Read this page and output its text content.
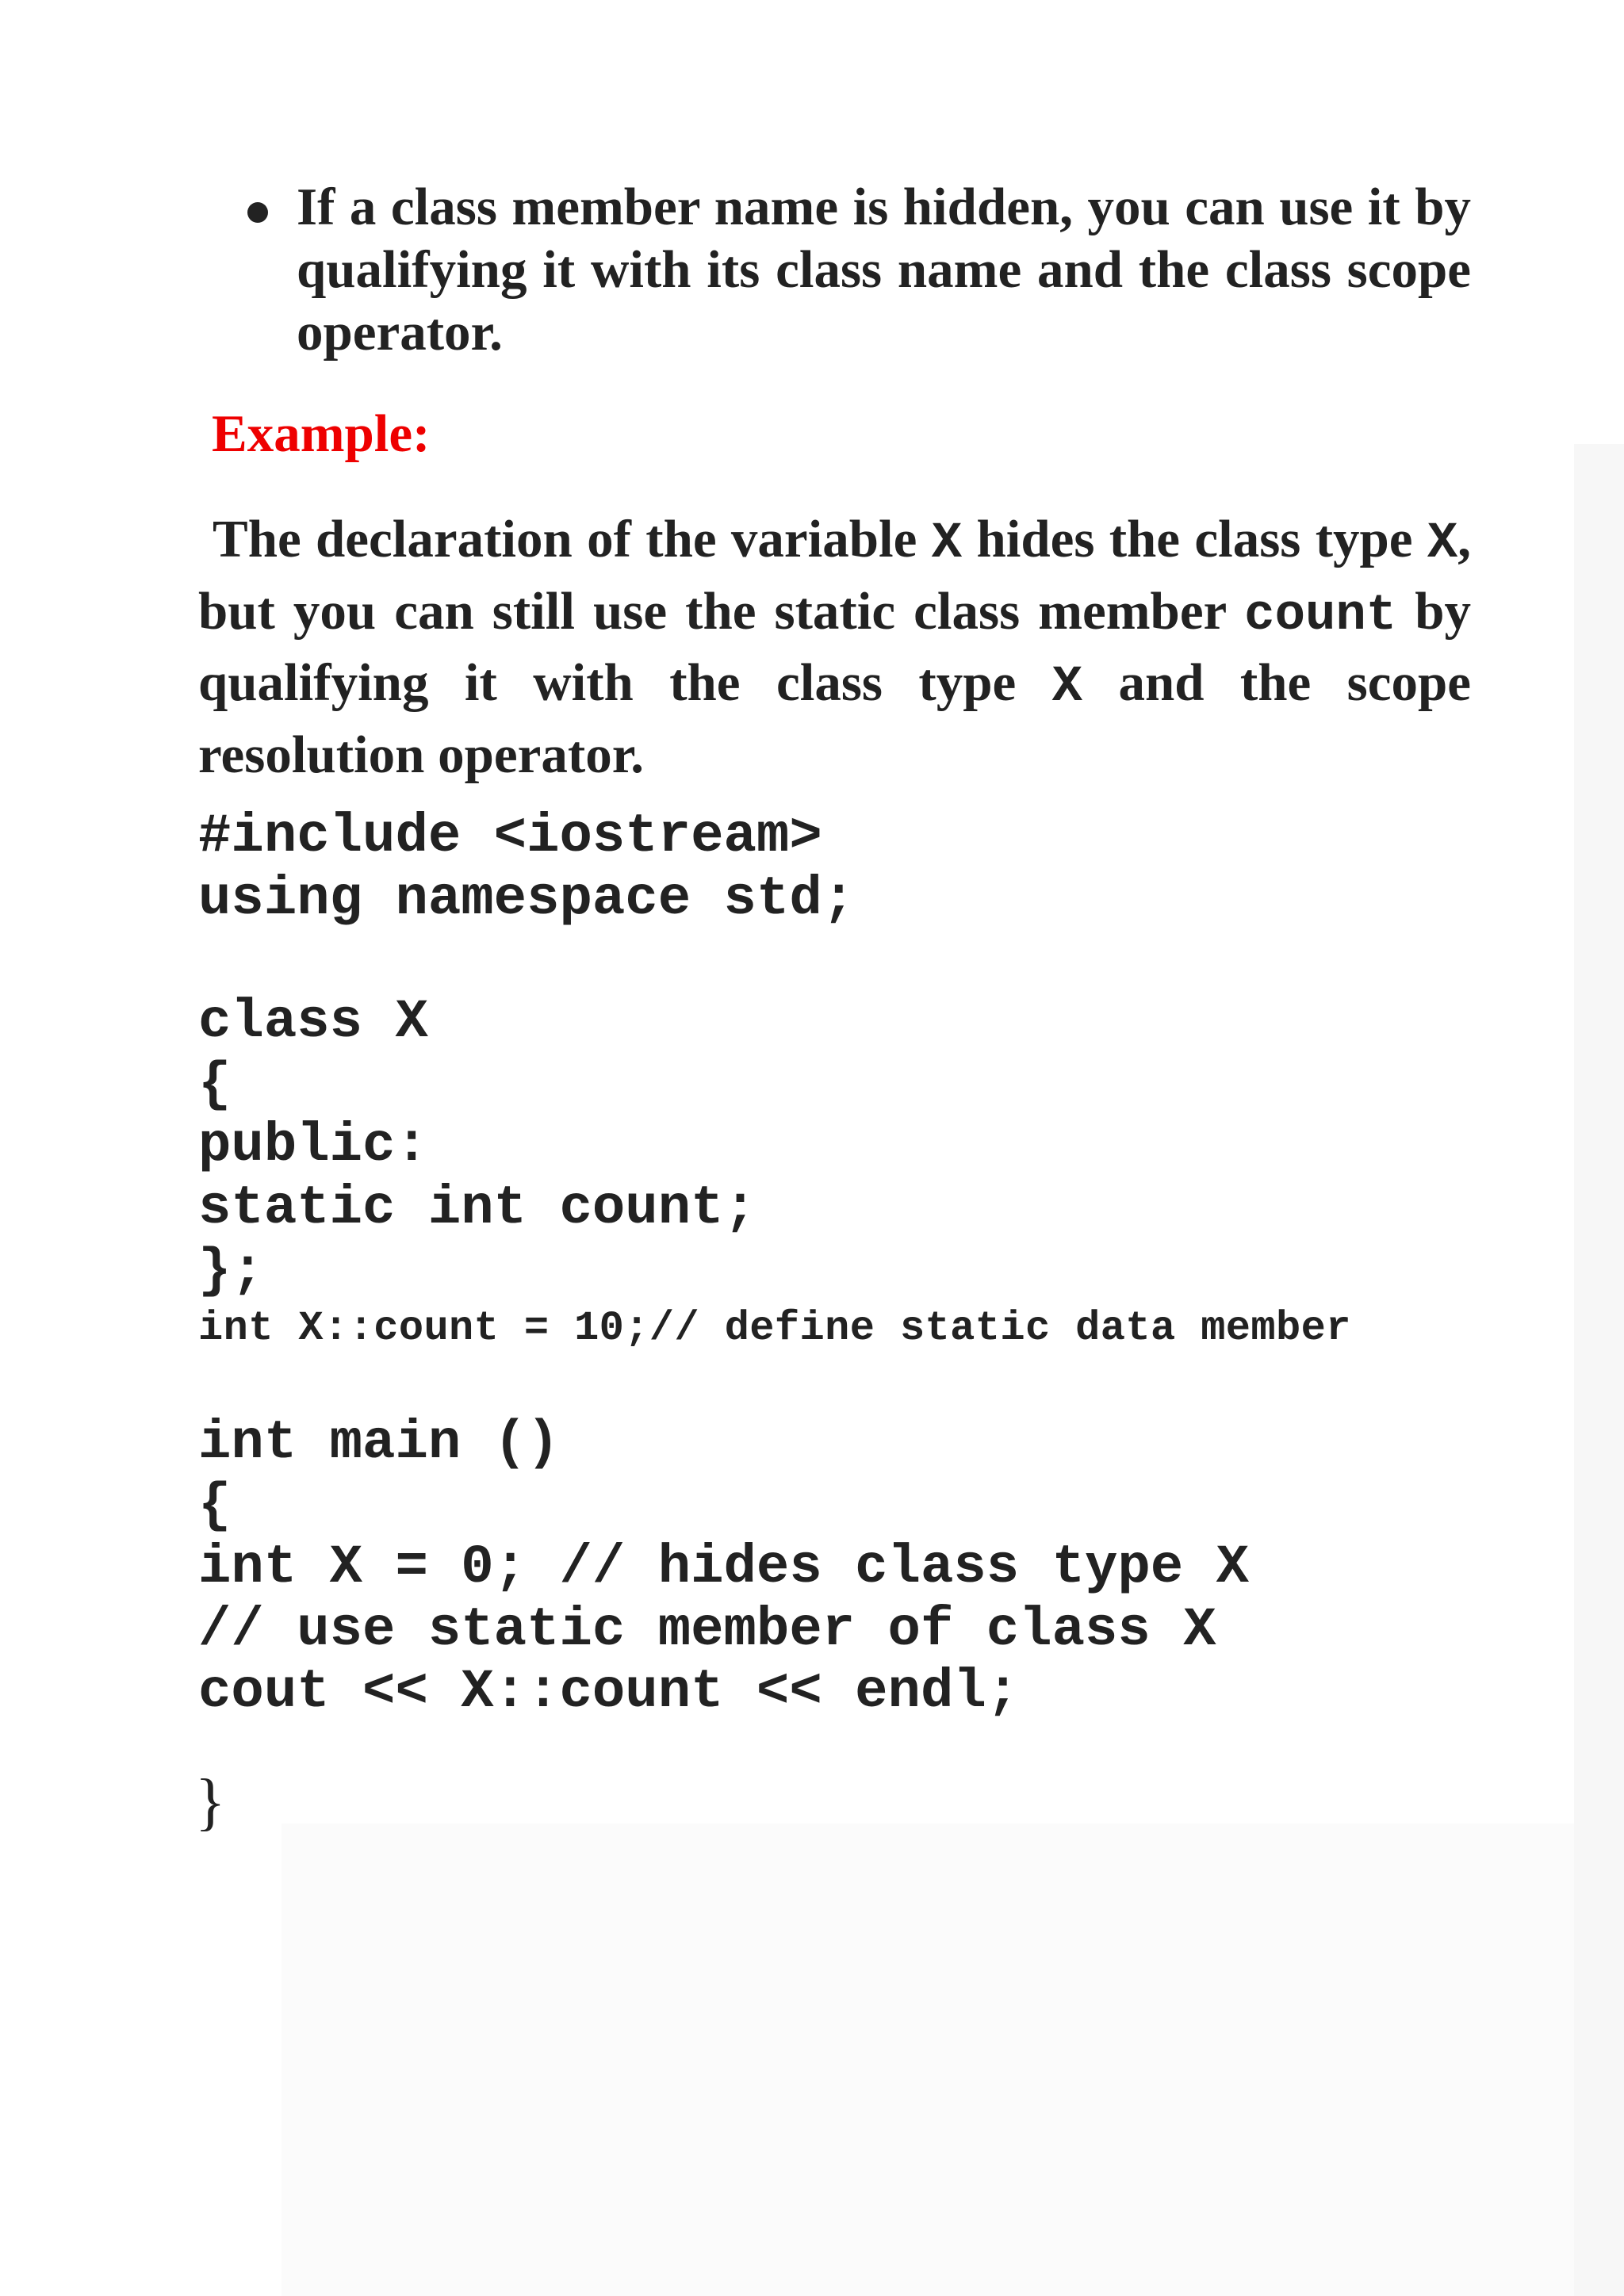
If a class member name is hidden, you can use it by qualifying it with its class name and the class scope operator.
Example:
The declaration of the variable X hides the class type X, but you can still use the static class member count by qualifying it with the class type X and the scope resolution operator.
#include <iostream>
using namespace std;
class X
{
public:
static int count;
};
int X::count = 10;// define static data member
int main ()
{
int X = 0; // hides class type X
// use static member of class X
cout << X::count << endl;
}
